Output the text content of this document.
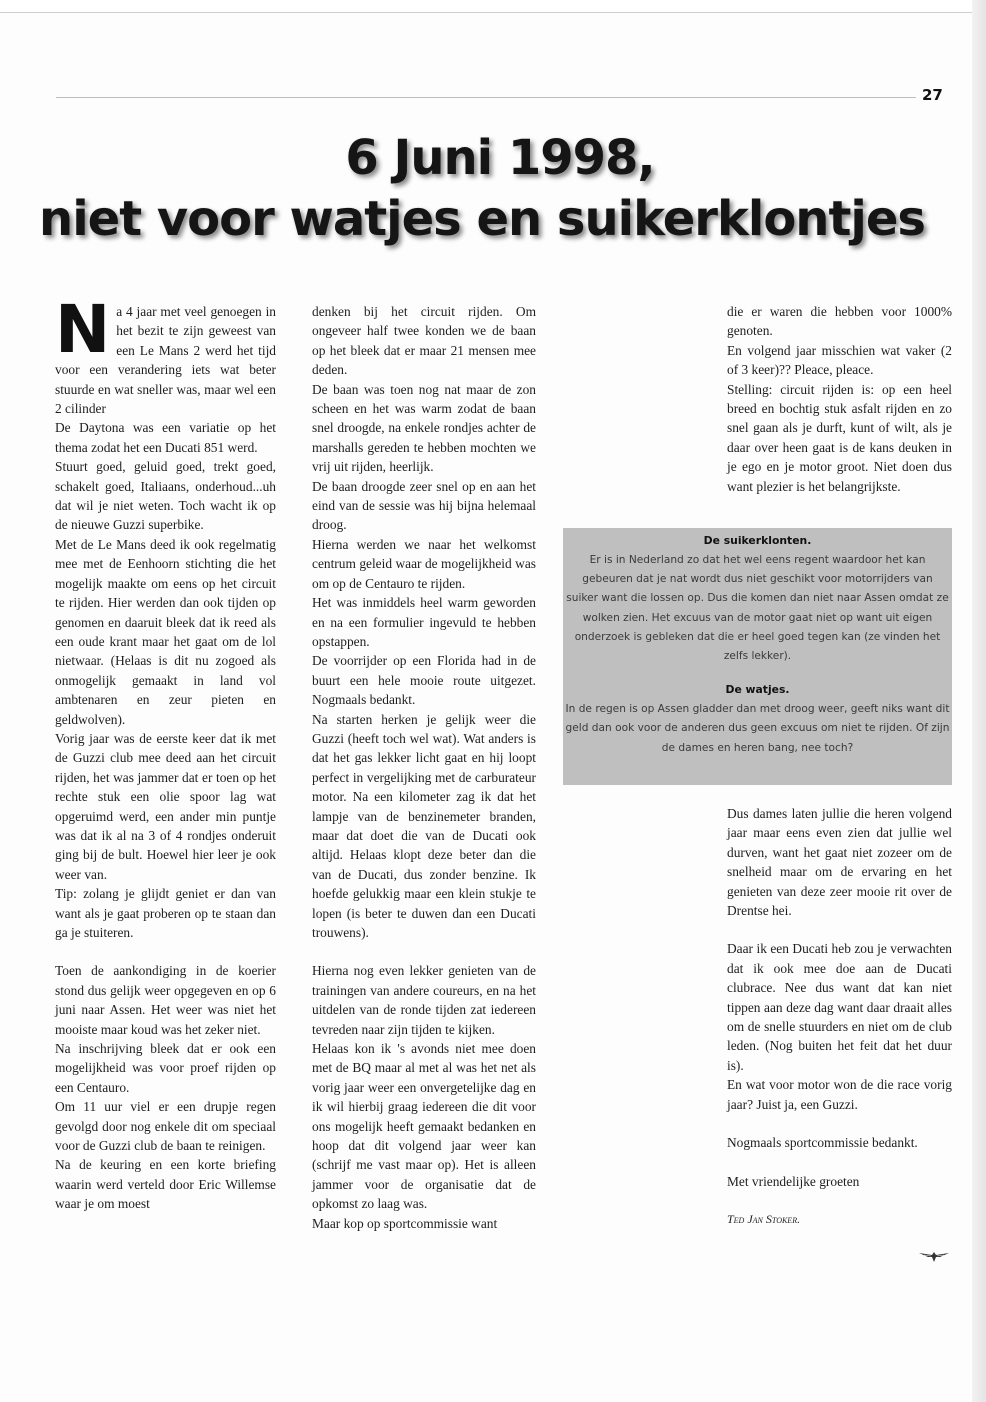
27
6 Juni 1998,
niet voor watjes en suikerklontjes

Na 4 jaar met veel genoegen in het bezit te zijn geweest van een Le Mans 2 werd het tijd voor een verandering iets wat beter stuurde en wat sneller was, maar wel een 2 cilinder

De Daytona was een variatie op het thema zodat het een Ducati 851 werd.

Stuurt goed, geluid goed, trekt goed, schakelt goed, Italiaans, onderhoud...uh dat wil je niet weten. Toch wacht ik op de nieuwe Guzzi superbike.

Met de Le Mans deed ik ook regelmatig mee met de Eenhoorn stichting die het mogelijk maakte om eens op het circuit te rijden. Hier werden dan ook tijden op genomen en daaruit bleek dat ik reed als een oude krant maar het gaat om de lol nietwaar. (Helaas is dit nu zogoed als onmogelijk gemaakt in land vol ambtenaren en zeur pieten en geldwolven).

Vorig jaar was de eerste keer dat ik met de Guzzi club mee deed aan het circuit rijden, het was jammer dat er toen op het rechte stuk een olie spoor lag wat opgeruimd werd, een ander min puntje was dat ik al na 3 of 4 rondjes onderuit ging bij de bult. Hoewel hier leer je ook weer van.

Tip: zolang je glijdt geniet er dan van want als je gaat proberen op te staan dan ga je stuiteren.

Toen de aankondiging in de koerier stond dus gelijk weer opgegeven en op 6 juni naar Assen. Het weer was niet het mooiste maar koud was het zeker niet.

Na inschrijving bleek dat er ook een mogelijkheid was voor proef rijden op een Centauro.

Om 11 uur viel er een drupje regen gevolgd door nog enkele dit om speciaal voor de Guzzi club de baan te reinigen.

Na de keuring en een korte briefing waarin werd verteld door Eric Willemse waar je om moest

denken bij het circuit rijden. Om ongeveer half twee konden we de baan op het bleek dat er maar 21 mensen mee deden.

De baan was toen nog nat maar de zon scheen en het was warm zodat de baan snel droogde, na enkele rondjes achter de marshalls gereden te hebben mochten we vrij uit rijden, heerlijk.

De baan droogde zeer snel op en aan het eind van de sessie was hij bijna helemaal droog.

Hierna werden we naar het welkomst centrum geleid waar de mogelijkheid was om op de Centauro te rijden.

Het was inmiddels heel warm geworden en na een formulier ingevuld te hebben opstappen.

De voorrijder op een Florida had in de buurt een hele mooie route uitgezet. Nogmaals bedankt.

Na starten herken je gelijk weer die Guzzi (heeft toch wel wat). Wat anders is dat het gas lekker licht gaat en hij loopt perfect in vergelijking met de carburateur motor. Na een kilometer zag ik dat het lampje van de benzinemeter branden, maar dat doet die van de Ducati ook altijd. Helaas klopt deze beter dan die van de Ducati, dus zonder benzine. Ik hoefde gelukkig maar een klein stukje te lopen (is beter te duwen dan een Ducati trouwens).

Hierna nog even lekker genieten van de trainingen van andere coureurs, en na het uitdelen van de ronde tijden zat iedereen tevreden naar zijn tijden te kijken.

Helaas kon ik 's avonds niet mee doen met de BQ maar al met al was het net als vorig jaar weer een onvergetelijke dag en ik wil hierbij graag iedereen die dit voor ons mogelijk heeft gemaakt bedanken en hoop dat dit volgend jaar weer kan (schrijf me vast maar op). Het is alleen jammer voor de organisatie dat de opkomst zo laag was.

Maar kop op sportcommissie want

die er waren die hebben voor 1000% genoten.

En volgend jaar misschien wat vaker (2 of 3 keer)?? Pleace, pleace.

Stelling: circuit rijden is: op een heel breed en bochtig stuk asfalt rijden en zo snel gaan als je durft, kunt of wilt, als je daar over heen gaat is de kans deuken in je ego en je motor groot. Niet doen dus want plezier is het belangrijkste.

De suikerklonten.

Er is in Nederland zo dat het wel eens regent waardoor het kan gebeuren dat je nat wordt dus niet geschikt voor motorrijders van suiker want die lossen op. Dus die komen dan niet naar Assen omdat ze wolken zien. Het excuus van de motor gaat niet op want uit eigen onderzoek is gebleken dat die er heel goed tegen kan (ze vinden het zelfs lekker).

De watjes.

In de regen is op Assen gladder dan met droog weer, geeft niks want dit geld dan ook voor de anderen dus geen excuus om niet te rijden. Of zijn de dames en heren bang, nee toch?

Dus dames laten jullie die heren volgend jaar maar eens even zien dat jullie wel durven, want het gaat niet zozeer om de snelheid maar om de ervaring en het genieten van deze zeer mooie rit over de Drentse hei.

Daar ik een Ducati heb zou je verwachten dat ik ook mee doe aan de Ducati clubrace. Nee dus want dat kan niet tippen aan deze dag want daar draait alles om de snelle stuurders en niet om de club leden. (Nog buiten het feit dat het duur is).

En wat voor motor won de die race vorig jaar? Juist ja, een Guzzi.

Nogmaals sportcommissie bedankt.

Met vriendelijke groeten

Ted Jan Stoker.
